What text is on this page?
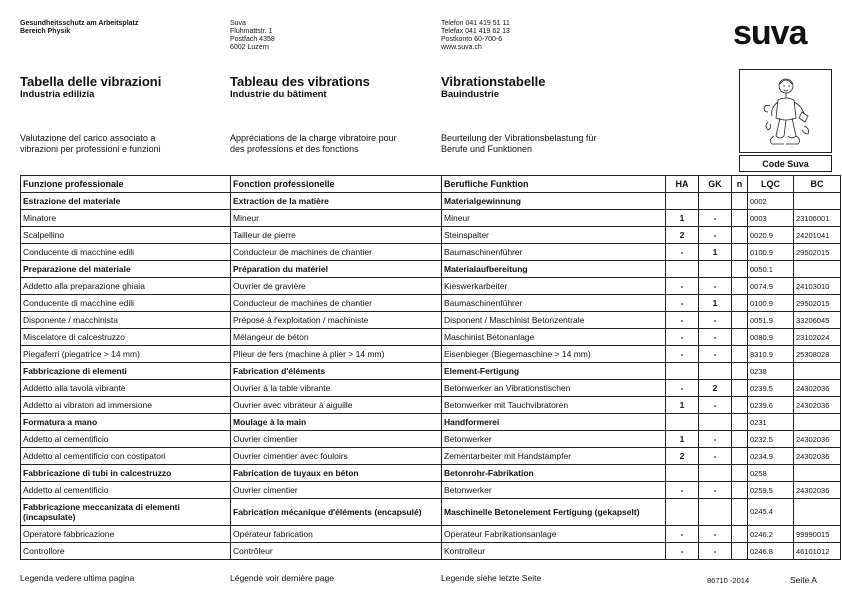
Gesundheitsschutz am Arbeitsplatz
Bereich Physik
Suva
Fluhmattstr. 1
Postfach 4358
6002 Luzern
Telefon 041 419 51 11
Telefax 041 419 62 13
Postkonto 60-700-6
www.suva.ch	suva
Tabella delle vibrazioni
Industria edilizia
Tableau des vibrations
Industrie du bâtiment
Vibrationstabelle
Bauindustrie
Valutazione del carico associato a
vibrazioni per professioni e funzioni
Appréciations de la charge vibratoire pour
des professions et des fonctions
Beurteilung der Vibrationsbelastung für
Berufe und Funktionen
Code Suva
Funzione professionale	Fonction professionelle	Berufliche Funktion	HA	GK	n	LQC	BC
Estrazione del materiale	Extraction de la matière	Materialgewinnung				0002	
Minatore	Mineur	Mineur	1	-		0003	23106001
Scalpellino	Tailleur de pierre	Steinspalter	2	-		0020.9	24201041
Conducente di macchine edili	Conducteur de machines de chantier	Baumaschinenführer	-	1		0100.9	29502015
Preparazione del materiale	Préparation du matériel	Materialaufbereitung				0050.1	
Addetto alla preparazione ghiaia	Ouvrier de gravière	Kieswerkarbeiter	-	-		0074.9	24103010
Conducente di macchine edili	Conducteur de machines de chantier	Baumaschinenführer	-	1		0100.9	29502015
Disponente / macchinista	Préposé à l'exploitation / machiniste	Disponent / Maschinist Betonzentrale	-	-		0051.9	33206045
Miscelatore di calcestruzzo	Mélangeur de béton	Maschinist Betonanlage	-	-		0080.9	23102024
Piegaferri (piegatrice > 14 mm)	Plieur de fers (machine à plier > 14 mm)	Eisenbieger (Biegemaschine > 14 mm)	-	-		8310.9	25308028
Fabbricazione di elementi	Fabrication d'éléments	Element-Fertigung				0238	
Addetto alla tavola vibrante	Ouvrier à la table vibrante	Betonwerker an Vibrationstischen	-	2		0239.5	24302036
Addetto ai vibratori ad immersione	Ouvrier avec vibrateur à aiguille	Betonwerker mit Tauchvibratoren	1	-		0239.6	24302036
Formatura a mano	Moulage à la main	Handformerei				0231	
Addetto al cementificio	Ouvrier cimentier	Betonwerker	1	-		0232.5	24302036
Addetto al cementificio con costipatori	Ouvrier cimentier avec fouloirs	Zementarbeiter mit Handstampfer	2	-		0234.9	24302036
Fabbricazione di tubi in calcestruzzo	Fabrication de tuyaux en béton	Betonrohr-Fabrikation				0258	
Addetto al cementificio	Ouvrier cimentier	Betonwerker	-	-		0259.5	24302036
Fabbricazione meccanizata di elementi (incapsulate)	Fabrication mécanique d'éléments (encapsulé)	Maschinelle Betonelement Fertigung (gekapselt)				0245.4	
Operatore fabbricazione	Opérateur fabrication	Operateur Fabrikationsanlage	-	-		0246.2	99990015
Controllore	Contrôleur	Kontrolleur	-	-		0246.8	46101012
Legenda vedere ultima pagina	Légende voir dernière page	Legende siehe letzte Seite	86710 -2014	Seite A
